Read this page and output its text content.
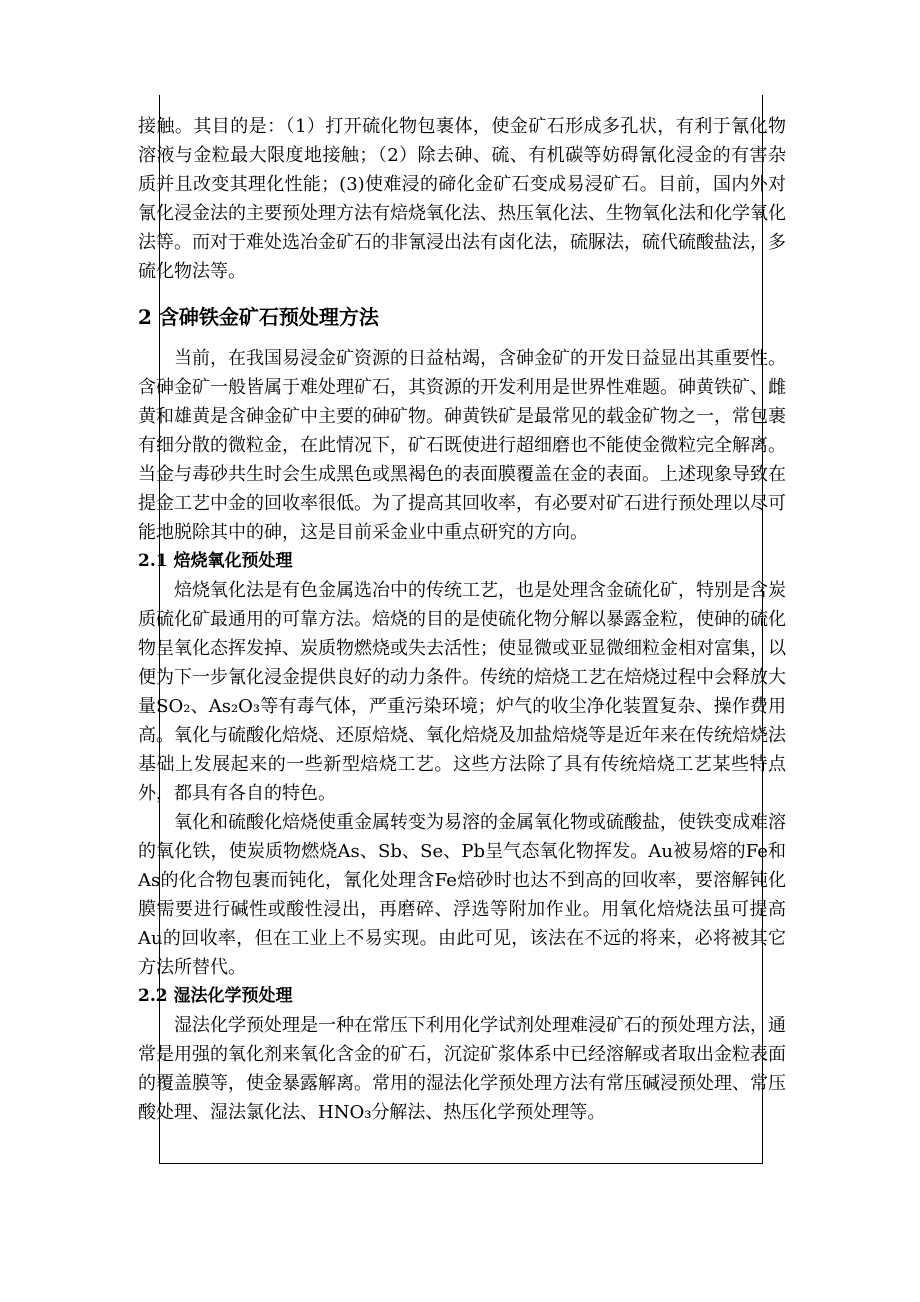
接触。其目的是：（1）打开硫化物包裹体，使金矿石形成多孔状，有利于氰化物溶液与金粒最大限度地接触；（2）除去砷、硫、有机碳等妨碍氰化浸金的有害杂质并且改变其理化性能；(3)使难浸的碲化金矿石变成易浸矿石。目前，国内外对氰化浸金法的主要预处理方法有焙烧氧化法、热压氧化法、生物氧化法和化学氧化法等。而对于难处选冶金矿石的非氰浸出法有卤化法，硫脲法，硫代硫酸盐法，多硫化物法等。

2 含砷铁金矿石预处理方法

当前，在我国易浸金矿资源的日益枯竭，含砷金矿的开发日益显出其重要性。含砷金矿一般皆属于难处理矿石，其资源的开发利用是世界性难题。砷黄铁矿、雌黄和雄黄是含砷金矿中主要的砷矿物。砷黄铁矿是最常见的载金矿物之一，常包裹有细分散的微粒金，在此情况下，矿石既使进行超细磨也不能使金微粒完全解离。当金与毒砂共生时会生成黑色或黑褐色的表面膜覆盖在金的表面。上述现象导致在提金工艺中金的回收率很低。为了提高其回收率，有必要对矿石进行预处理以尽可能地脱除其中的砷，这是目前采金业中重点研究的方向。

2.1 焙烧氧化预处理

焙烧氧化法是有色金属选冶中的传统工艺，也是处理含金硫化矿，特别是含炭质硫化矿最通用的可靠方法。焙烧的目的是使硫化物分解以暴露金粒，使砷的硫化物呈氧化态挥发掉、炭质物燃烧或失去活性；使显微或亚显微细粒金相对富集，以便为下一步氰化浸金提供良好的动力条件。传统的焙烧工艺在焙烧过程中会释放大量SO₂、As₂O₃等有毒气体，严重污染环境；炉气的收尘净化装置复杂、操作费用高。氧化与硫酸化焙烧、还原焙烧、氧化焙烧及加盐焙烧等是近年来在传统焙烧法基础上发展起来的一些新型焙烧工艺。这些方法除了具有传统焙烧工艺某些特点外，都具有各自的特色。

氧化和硫酸化焙烧使重金属转变为易溶的金属氧化物或硫酸盐，使铁变成难溶的氧化铁，使炭质物燃烧As、Sb、Se、Pb呈气态氧化物挥发。Au被易熔的Fe和As的化合物包裹而钝化，氰化处理含Fe焙砂时也达不到高的回收率，要溶解钝化膜需要进行碱性或酸性浸出，再磨碎、浮选等附加作业。用氧化焙烧法虽可提高Au的回收率，但在工业上不易实现。由此可见，该法在不远的将来，必将被其它方法所替代。

2.2 湿法化学预处理

湿法化学预处理是一种在常压下利用化学试剂处理难浸矿石的预处理方法，通常是用强的氧化剂来氧化含金的矿石，沉淀矿浆体系中已经溶解或者取出金粒表面的覆盖膜等，使金暴露解离。常用的湿法化学预处理方法有常压碱浸预处理、常压酸处理、湿法氯化法、HNO₃分解法、热压化学预处理等。
